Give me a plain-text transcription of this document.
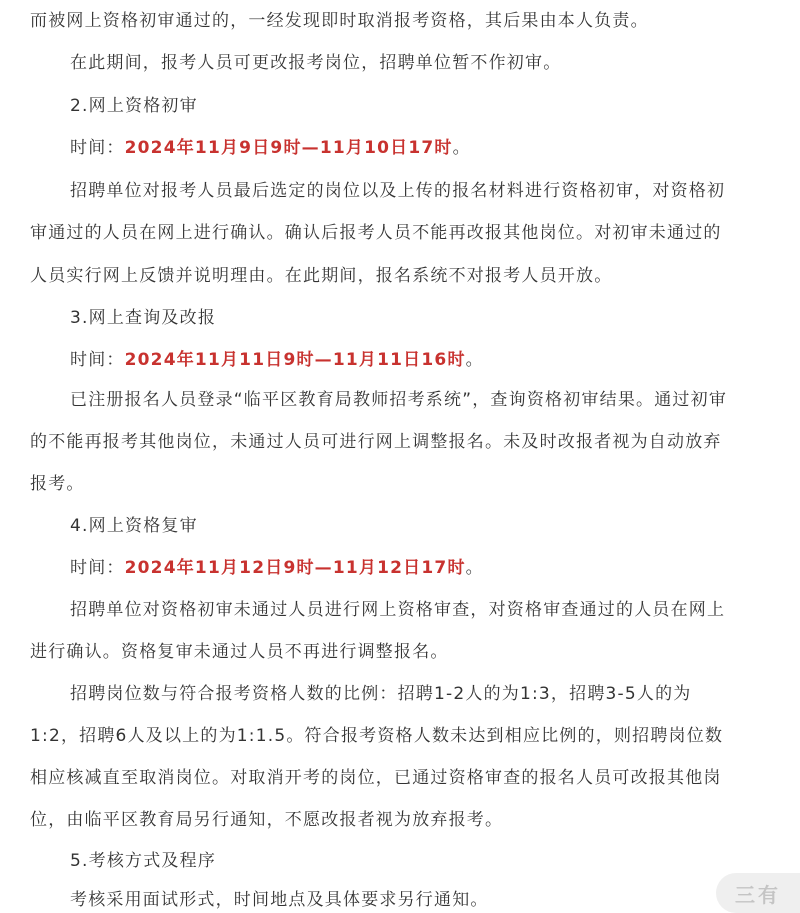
而被网上资格初审通过的，一经发现即时取消报考资格，其后果由本人负责。
在此期间，报考人员可更改报考岗位，招聘单位暂不作初审。
2.网上资格初审
时间：2024年11月9日9时—11月10日17时。
招聘单位对报考人员最后选定的岗位以及上传的报名材料进行资格初审，对资格初
审通过的人员在网上进行确认。确认后报考人员不能再改报其他岗位。对初审未通过的
人员实行网上反馈并说明理由。在此期间，报名系统不对报考人员开放。
3.网上查询及改报
时间：2024年11月11日9时—11月11日16时。
已注册报名人员登录“临平区教育局教师招考系统”，查询资格初审结果。通过初审
的不能再报考其他岗位，未通过人员可进行网上调整报名。未及时改报者视为自动放弃
报考。
4.网上资格复审
时间：2024年11月12日9时—11月12日17时。
招聘单位对资格初审未通过人员进行网上资格审查，对资格审查通过的人员在网上
进行确认。资格复审未通过人员不再进行调整报名。
招聘岗位数与符合报考资格人数的比例：招聘1-2人的为1:3，招聘3-5人的为
1:2，招聘6人及以上的为1:1.5。符合报考资格人数未达到相应比例的，则招聘岗位数
相应核减直至取消岗位。对取消开考的岗位，已通过资格审查的报名人员可改报其他岗
位，由临平区教育局另行通知，不愿改报者视为放弃报考。
5.考核方式及程序
考核采用面试形式，时间地点及具体要求另行通知。	三有
